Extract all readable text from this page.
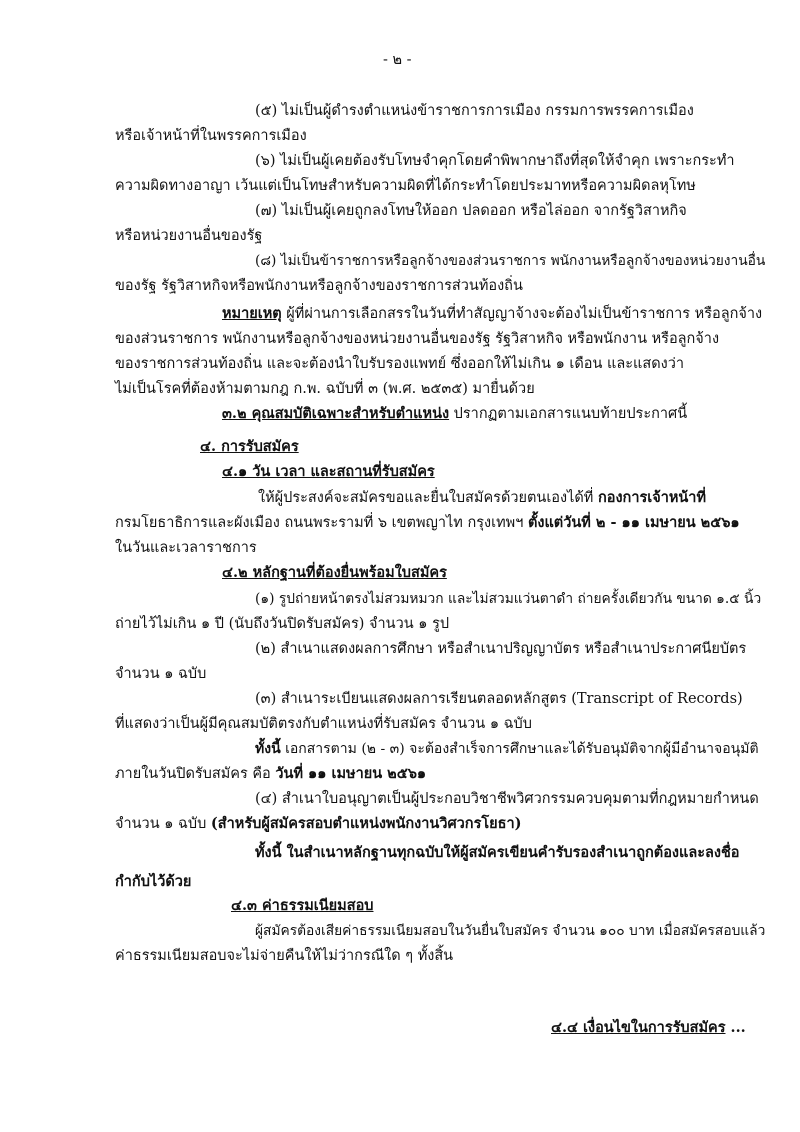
- ๒ -
(๕) ไม่เป็นผู้ดำรงตำแหน่งข้าราชการการเมือง กรรมการพรรคการเมือง
หรือเจ้าหน้าที่ในพรรคการเมือง
(๖) ไม่เป็นผู้เคยต้องรับโทษจำคุกโดยคำพิพากษาถึงที่สุดให้จำคุก เพราะกระทำ
ความผิดทางอาญา เว้นแต่เป็นโทษสำหรับความผิดที่ได้กระทำโดยประมาทหรือความผิดลหุโทษ
(๗) ไม่เป็นผู้เคยถูกลงโทษให้ออก ปลดออก หรือไล่ออก จากรัฐวิสาหกิจ
หรือหน่วยงานอื่นของรัฐ
(๘) ไม่เป็นข้าราชการหรือลูกจ้างของส่วนราชการ พนักงานหรือลูกจ้างของหน่วยงานอื่น
ของรัฐ รัฐวิสาหกิจหรือพนักงานหรือลูกจ้างของราชการส่วนท้องถิ่น
หมายเหตุ ผู้ที่ผ่านการเลือกสรรในวันที่ทำสัญญาจ้างจะต้องไม่เป็นข้าราชการ หรือลูกจ้าง
ของส่วนราชการ พนักงานหรือลูกจ้างของหน่วยงานอื่นของรัฐ รัฐวิสาหกิจ หรือพนักงาน หรือลูกจ้าง
ของราชการส่วนท้องถิ่น และจะต้องนำใบรับรองแพทย์ ซึ่งออกให้ไม่เกิน ๑ เดือน และแสดงว่า
ไม่เป็นโรคที่ต้องห้ามตามกฎ ก.พ. ฉบับที่ ๓ (พ.ศ. ๒๕๓๕) มายื่นด้วย
๓.๒ คุณสมบัติเฉพาะสำหรับตำแหน่ง ปรากฏตามเอกสารแนบท้ายประกาศนี้
๔. การรับสมัคร
๔.๑ วัน เวลา และสถานที่รับสมัคร
ให้ผู้ประสงค์จะสมัครขอและยื่นใบสมัครด้วยตนเองได้ที่ กองการเจ้าหน้าที่
กรมโยธาธิการและผังเมือง ถนนพระรามที่ ๖ เขตพญาไท กรุงเทพฯ ตั้งแต่วันที่ ๒ - ๑๑ เมษายน ๒๕๖๑
ในวันและเวลาราชการ
๔.๒ หลักฐานที่ต้องยื่นพร้อมใบสมัคร
(๑) รูปถ่ายหน้าตรงไม่สวมหมวก และไม่สวมแว่นตาดำ ถ่ายครั้งเดียวกัน ขนาด ๑.๕ นิ้ว
ถ่ายไว้ไม่เกิน ๑ ปี (นับถึงวันปิดรับสมัคร) จำนวน ๑ รูป
(๒) สำเนาแสดงผลการศึกษา หรือสำเนาปริญญาบัตร หรือสำเนาประกาศนียบัตร
จำนวน ๑ ฉบับ
(๓) สำเนาระเบียนแสดงผลการเรียนตลอดหลักสูตร (Transcript of Records)
ที่แสดงว่าเป็นผู้มีคุณสมบัติตรงกับตำแหน่งที่รับสมัคร จำนวน ๑ ฉบับ
ทั้งนี้ เอกสารตาม (๒ - ๓) จะต้องสำเร็จการศึกษาและได้รับอนุมัติจากผู้มีอำนาจอนุมัติ
ภายในวันปิดรับสมัคร คือ วันที่ ๑๑ เมษายน ๒๕๖๑
(๔) สำเนาใบอนุญาตเป็นผู้ประกอบวิชาชีพวิศวกรรมควบคุมตามที่กฎหมายกำหนด
จำนวน ๑ ฉบับ (สำหรับผู้สมัครสอบตำแหน่งพนักงานวิศวกรโยธา)
ทั้งนี้ ในสำเนาหลักฐานทุกฉบับให้ผู้สมัครเขียนคำรับรองสำเนาถูกต้องและลงชื่อ
กำกับไว้ด้วย
๔.๓ ค่าธรรมเนียมสอบ
ผู้สมัครต้องเสียค่าธรรมเนียมสอบในวันยื่นใบสมัคร จำนวน ๑๐๐ บาท เมื่อสมัครสอบแล้ว
ค่าธรรมเนียมสอบจะไม่จ่ายคืนให้ไม่ว่ากรณีใด ๆ ทั้งสิ้น
๔.๔ เงื่อนไขในการรับสมัคร ...
